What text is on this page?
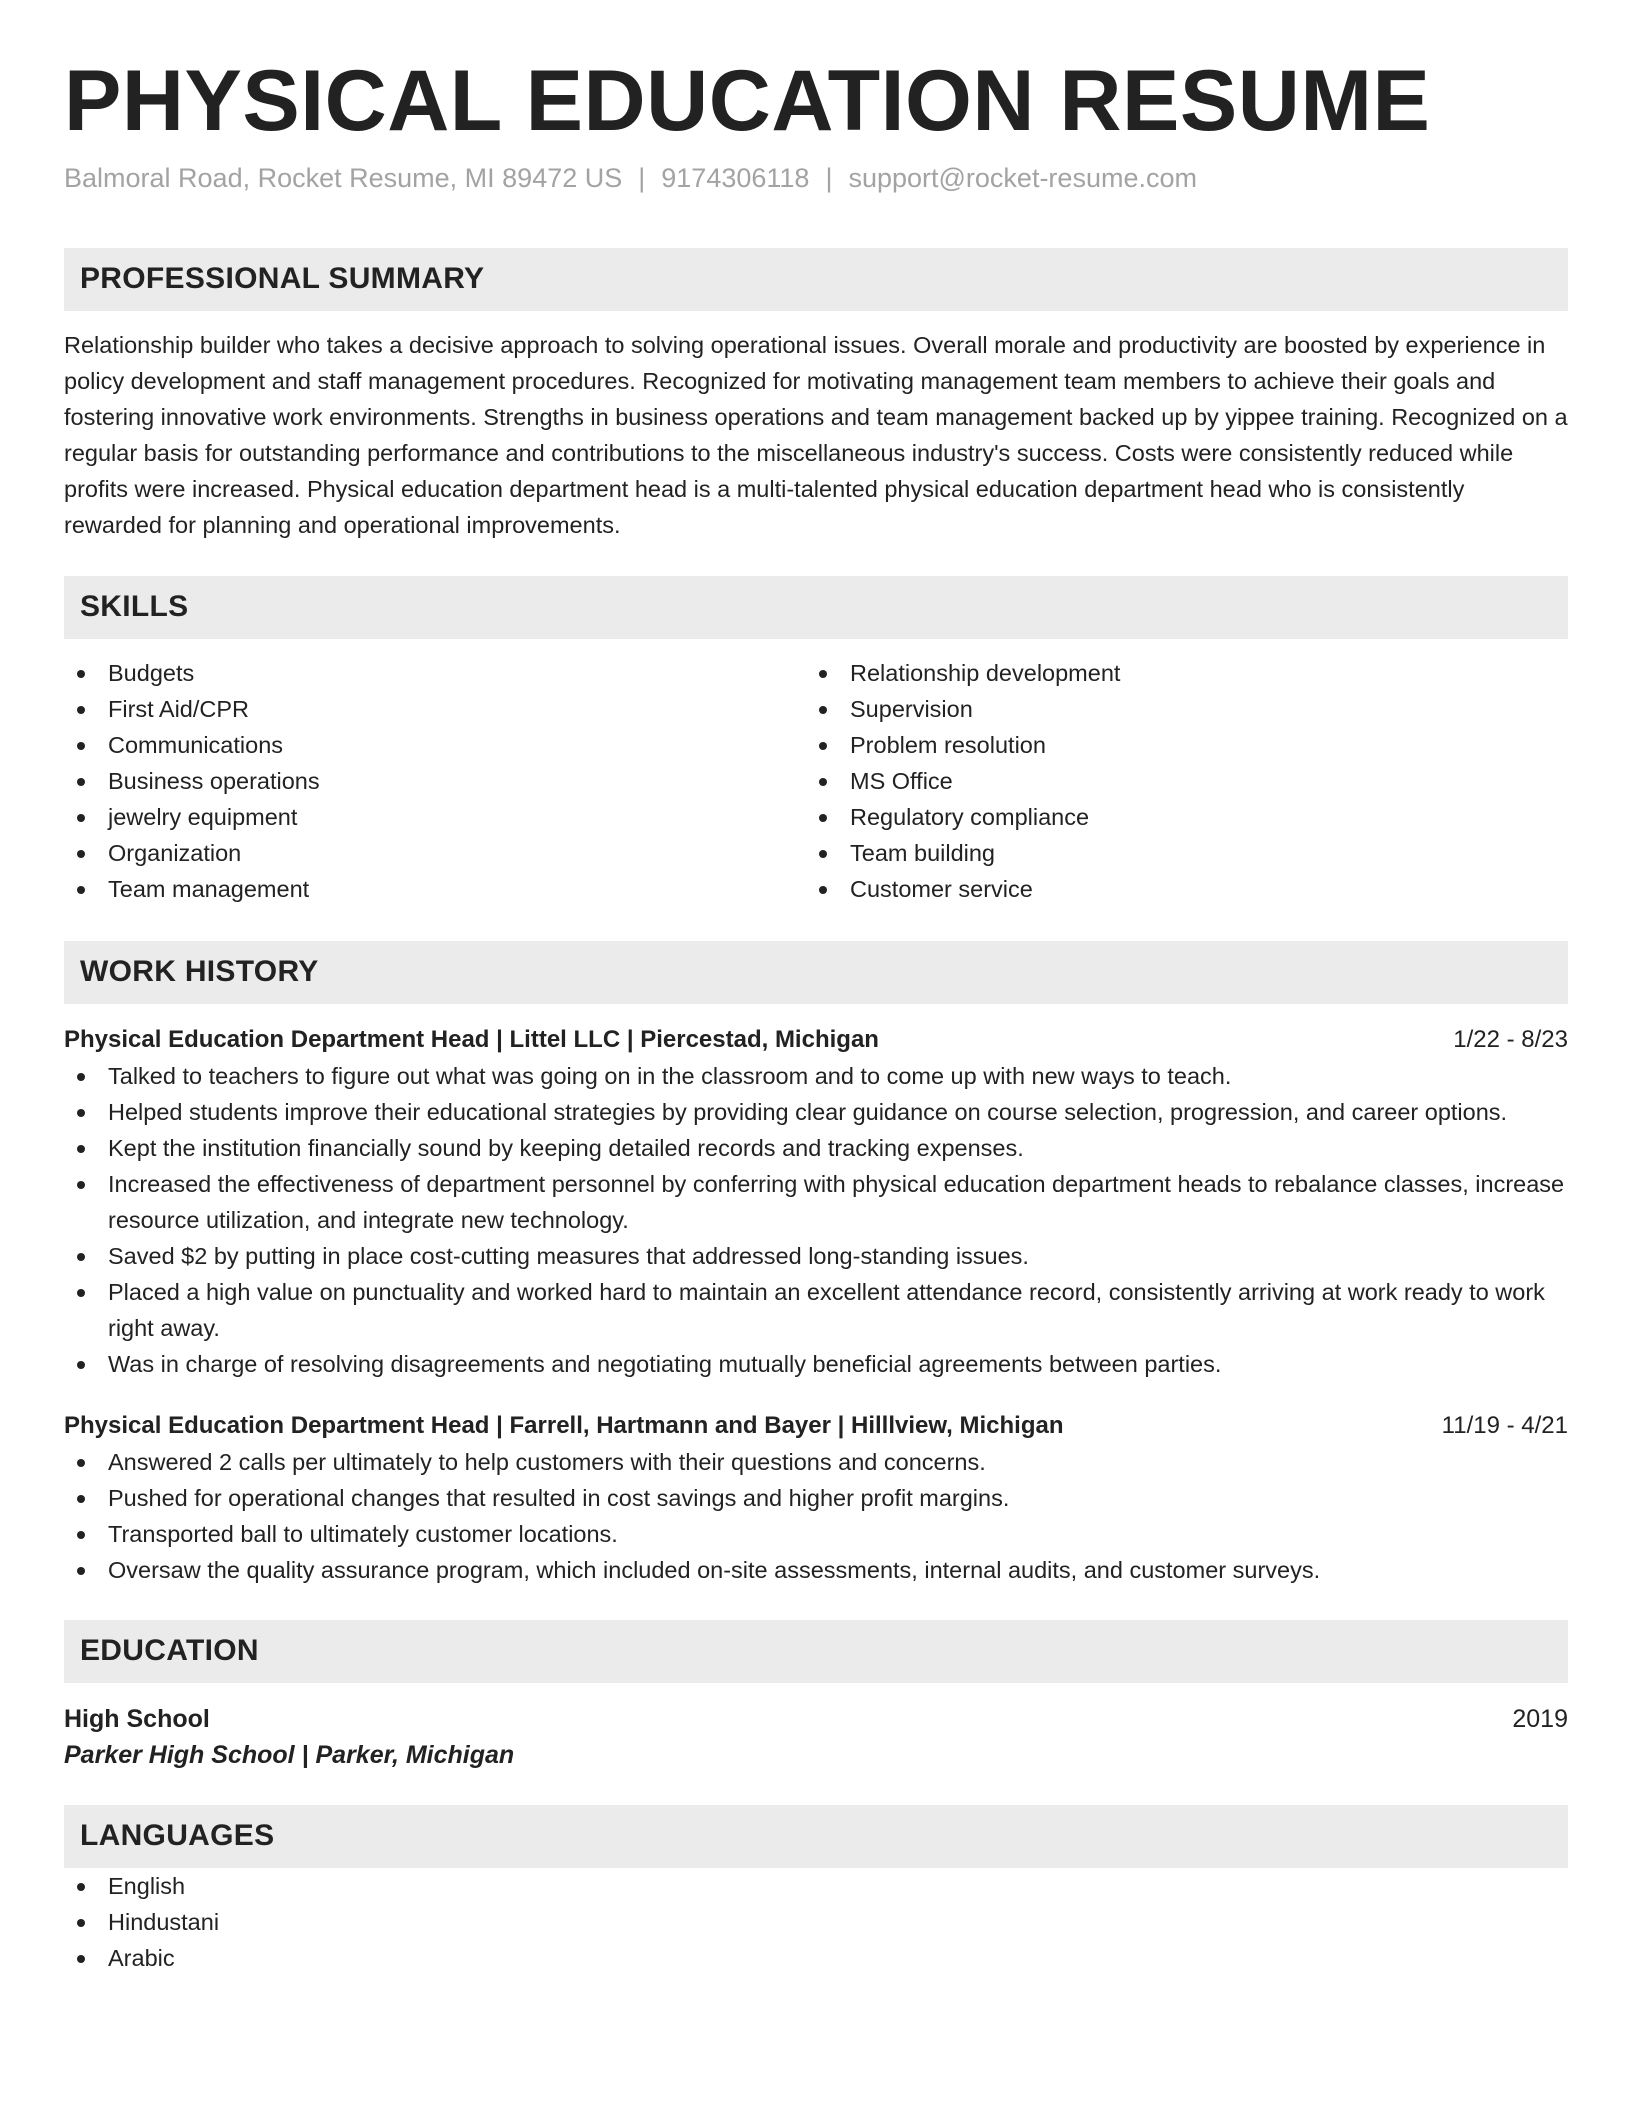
PHYSICAL EDUCATION RESUME
Balmoral Road, Rocket Resume, MI 89472 US | 9174306118 | support@rocket-resume.com
PROFESSIONAL SUMMARY
Relationship builder who takes a decisive approach to solving operational issues. Overall morale and productivity are boosted by experience in policy development and staff management procedures. Recognized for motivating management team members to achieve their goals and fostering innovative work environments. Strengths in business operations and team management backed up by yippee training. Recognized on a regular basis for outstanding performance and contributions to the miscellaneous industry's success. Costs were consistently reduced while profits were increased. Physical education department head is a multi-talented physical education department head who is consistently rewarded for planning and operational improvements.
SKILLS
Budgets
First Aid/CPR
Communications
Business operations
jewelry equipment
Organization
Team management
Relationship development
Supervision
Problem resolution
MS Office
Regulatory compliance
Team building
Customer service
WORK HISTORY
Physical Education Department Head | Littel LLC | Piercestad, Michigan	1/22 - 8/23
Talked to teachers to figure out what was going on in the classroom and to come up with new ways to teach.
Helped students improve their educational strategies by providing clear guidance on course selection, progression, and career options.
Kept the institution financially sound by keeping detailed records and tracking expenses.
Increased the effectiveness of department personnel by conferring with physical education department heads to rebalance classes, increase resource utilization, and integrate new technology.
Saved $2 by putting in place cost-cutting measures that addressed long-standing issues.
Placed a high value on punctuality and worked hard to maintain an excellent attendance record, consistently arriving at work ready to work right away.
Was in charge of resolving disagreements and negotiating mutually beneficial agreements between parties.
Physical Education Department Head | Farrell, Hartmann and Bayer | Hilllview, Michigan	11/19 - 4/21
Answered 2 calls per ultimately to help customers with their questions and concerns.
Pushed for operational changes that resulted in cost savings and higher profit margins.
Transported ball to ultimately customer locations.
Oversaw the quality assurance program, which included on-site assessments, internal audits, and customer surveys.
EDUCATION
High School	2019
Parker High School | Parker, Michigan
LANGUAGES
English
Hindustani
Arabic
